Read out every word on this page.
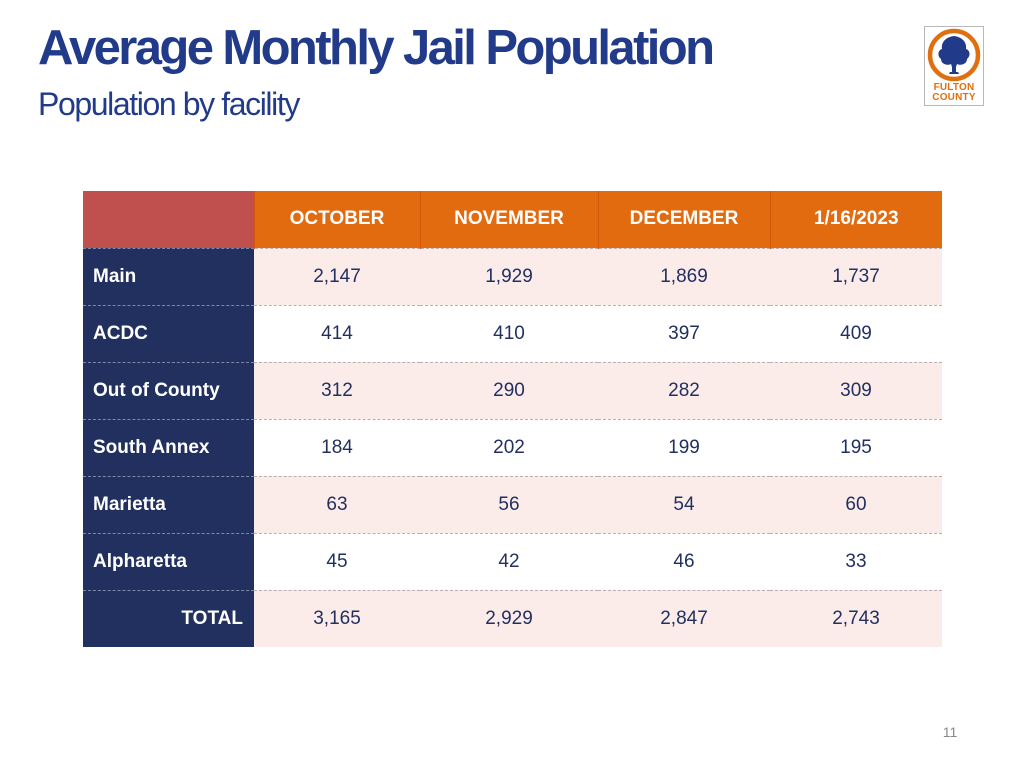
Average Monthly Jail Population
Population by facility	FULTON
COUNTY
	OCTOBER	NOVEMBER	DECEMBER	1/16/2023
Main	2,147	1,929	1,869	1,737
ACDC	414	410	397	409
Out of County	312	290	282	309
South Annex	184	202	199	195
Marietta	63	56	54	60
Alpharetta	45	42	46	33
TOTAL	3,165	2,929	2,847	2,743
11
